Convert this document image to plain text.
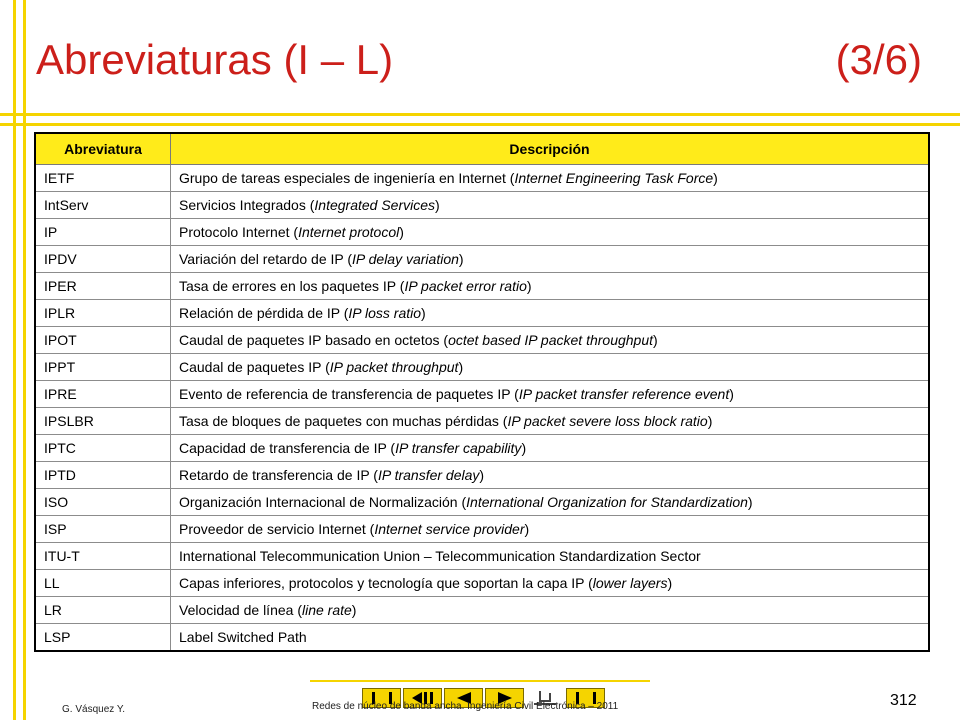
Abreviaturas (I – L)	(3/6)
Abreviatura	Descripción
IETF	Grupo de tareas especiales de ingeniería en Internet (Internet Engineering Task Force)
IntServ	Servicios Integrados (Integrated Services)
IP	Protocolo Internet (Internet protocol)
IPDV	Variación del retardo de IP (IP delay variation)
IPER	Tasa de errores en los paquetes IP (IP packet error ratio)
IPLR	Relación de pérdida de IP (IP loss ratio)
IPOT	Caudal de paquetes IP basado en octetos (octet based IP packet throughput)
IPPT	Caudal de paquetes IP (IP packet throughput)
IPRE	Evento de referencia de transferencia de paquetes IP (IP packet transfer reference event)
IPSLBR	Tasa de bloques de paquetes con muchas pérdidas (IP packet severe loss block ratio)
IPTC	Capacidad de transferencia de IP (IP transfer capability)
IPTD	Retardo de transferencia de IP (IP transfer delay)
ISO	Organización Internacional de Normalización (International Organization for Standardization)
ISP	Proveedor de servicio Internet (Internet service provider)
ITU-T	International Telecommunication Union – Telecommunication Standardization Sector
LL	Capas inferiores, protocolos y tecnología que soportan la capa IP (lower layers)
LR	Velocidad de línea (line rate)
LSP	Label Switched Path
G. Vásquez Y.	Redes de núcleo de banda ancha. Ingeniería Civil Electrónica – 2011	312
